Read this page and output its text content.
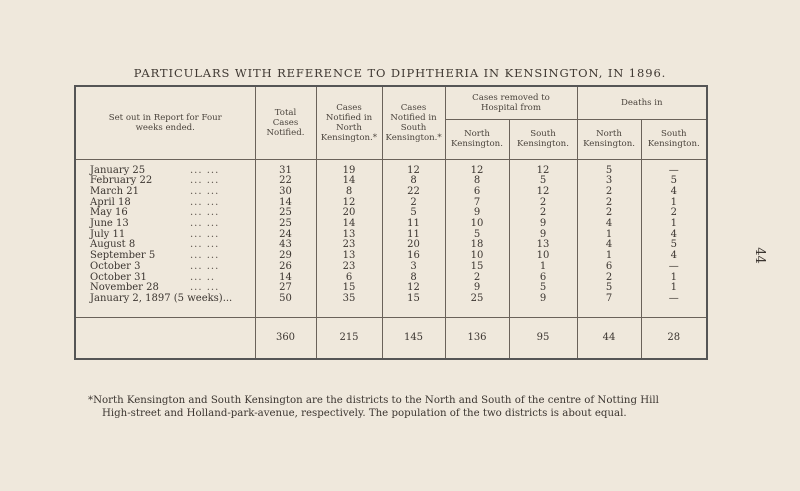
PARTICULARS WITH REFERENCE TO DIPHTHERIA IN KENSINGTON, IN 1896.
Set out in Report for Four weeks ended.	Total Cases Notified.	Cases Notified in North Kensington.*	Cases Notified in South Kensington.*	Cases removed to Hospital from		Deaths in	
				North Kensington.	South Kensington.	North Kensington.	South Kensington.

January 25 ... ...	31	19	12	12	12	5	—
February 22 ... ...	22	14	8	8	5	3	5
March 21 ... ...	30	8	22	6	12	2	4
April 18 ... ...	14	12	2	7	2	2	1
May 16 ... ...	25	20	5	9	2	2	2
June 13 ... ...	25	14	11	10	9	4	1
July 11 ... ...	24	13	11	5	9	1	4
August 8 ... ...	43	23	20	18	13	4	5
September 5 ... ...	29	13	16	10	10	1	4
October 3 ... ...	26	23	3	15	1	6	—
October 31 ... ..	14	6	8	2	6	2	1
November 28 ... ...	27	15	12	9	5	5	1
January 2, 1897 (5 weeks)...	50	35	15	25	9	7	—

	360	215	145	136	95	44	28
*North Kensington and South Kensington are the districts to the North and South of the centre of Notting Hill
High-street and Holland-park-avenue, respectively. The population of the two districts is about equal.
44
